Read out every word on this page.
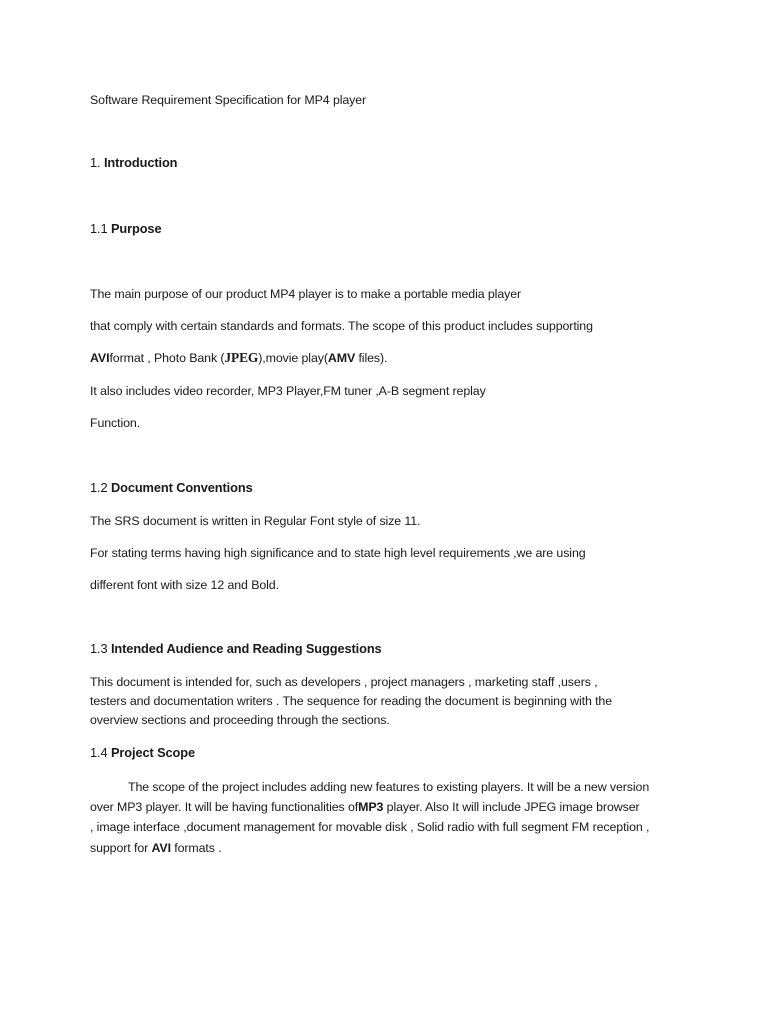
Software Requirement Specification for MP4 player
1. Introduction
1.1 Purpose
The main purpose of our product MP4 player is to make a portable media player
that comply with certain standards and formats. The scope of this product includes supporting
AVIformat , Photo Bank (JPEG),movie play(AMV files).
It also includes video recorder, MP3 Player,FM tuner ,A-B segment replay
Function.
1.2 Document Conventions
The SRS document is written in Regular Font style of size 11.
For stating terms having high significance and to state high level requirements ,we are using
different font with size 12 and Bold.
1.3 Intended Audience and Reading Suggestions
This document is intended for, such as developers , project managers , marketing staff ,users ,
testers and documentation writers . The sequence for reading the document is beginning with the
overview sections and proceeding through the sections.
1.4 Project Scope
The scope of the project includes adding new features to existing players. It will be a new version
over MP3 player. It will be having functionalities ofMP3 player. Also It will include JPEG image browser
, image interface ,document management for movable disk , Solid radio with full segment FM reception ,
support for AVI formats .
